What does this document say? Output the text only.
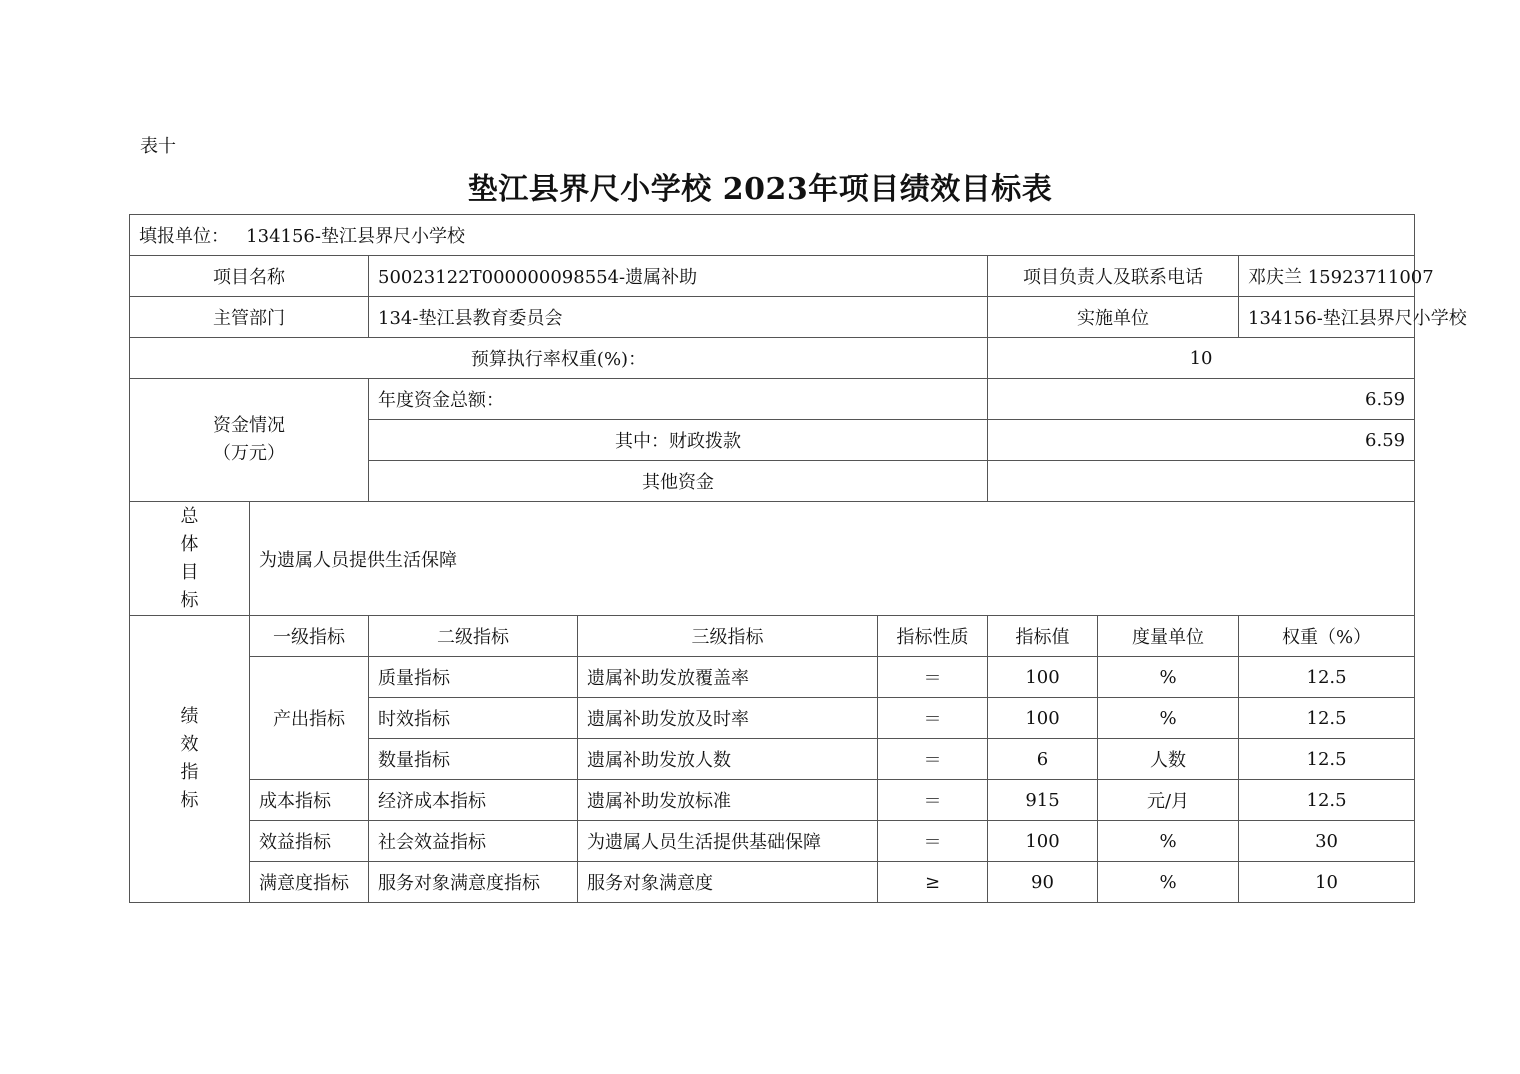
表十
垫江县界尺小学校 2023年项目绩效目标表
填报单位： 134156-垫江县界尺小学校							
项目名称		50023122T000000098554-遗属补助			项目负责人及联系电话		邓庆兰 15923711007
主管部门		134-垫江县教育委员会			实施单位		134156-垫江县界尺小学校
预算执行率权重(%)：					10		

资金情况
（万元）		年度资金总额：			6.59		
		其中：财政拨款			6.59		
		其他资金					

总
体
目
标	为遗属人员提供生活保障						

绩
效
指
标	一级指标	二级指标	三级指标	指标性质	指标值	度量单位	权重（%）
	产出指标	质量指标	遗属补助发放覆盖率	＝	100	%	12.5
		时效指标	遗属补助发放及时率	＝	100	%	12.5
		数量指标	遗属补助发放人数	＝	6	人数	12.5
	成本指标	经济成本指标	遗属补助发放标准	＝	915	元/月	12.5
	效益指标	社会效益指标	为遗属人员生活提供基础保障	＝	100	%	30
	满意度指标	服务对象满意度指标	服务对象满意度	≥	90	%	10
